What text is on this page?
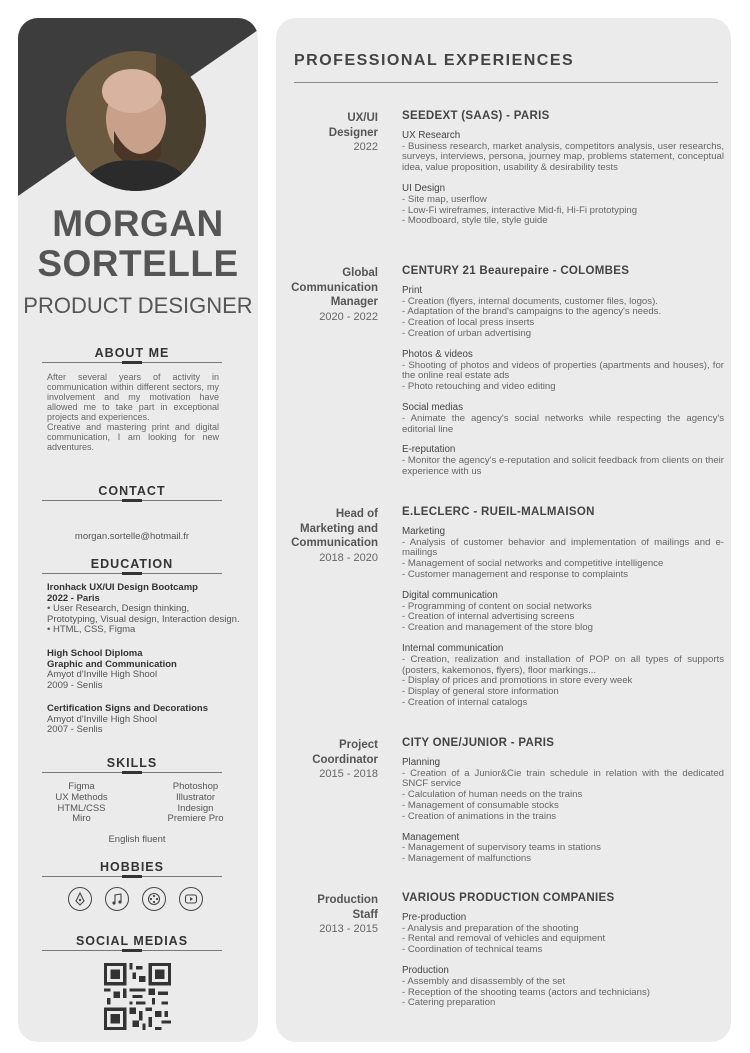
MORGAN
SORTELLE
PRODUCT DESIGNER
ABOUT ME
After several years of activity in communication within different sectors, my involvement and my motivation have allowed me to take part in exceptional projects and experiences.
Creative and mastering print and digital communication, I am looking for new adventures.
CONTACT
morgan.sortelle@hotmail.fr
EDUCATION
Ironhack UX/UI Design Bootcamp
2022 - Paris
• User Research, Design thinking,
Prototyping, Visual design, Interaction design.
• HTML, CSS, Figma
High School Diploma
Graphic and Communication
Amyot d'Inville High Shool
2009 - Senlis
Certification Signs and Decorations
Amyot d'Inville High Shool
2007 - Senlis
SKILLS
Figma
UX Methods
HTML/CSS
Miro
Photoshop
Illustrator
Indesign
Premiere Pro
English fluent
HOBBIES
SOCIAL MEDIAS
PROFESSIONAL EXPERIENCES
UX/UI
Designer
2022
SEEDEXT (SAAS) - PARIS
UX Research
- Business research, market analysis, competitors analysis, user researchs, surveys, interviews, persona, journey map, problems statement, conceptual idea, value proposition, usability & desirability tests
UI Design
- Site map, userflow
- Low-Fi wireframes, interactive Mid-fi, Hi-Fi prototyping
- Moodboard, style tile, style guide
Global
Communication
Manager
2020 - 2022
CENTURY 21 Beaurepaire - COLOMBES
Print
- Creation (flyers, internal documents, customer files, logos).
- Adaptation of the brand's campaigns to the agency's needs.
- Creation of local press inserts
- Creation of urban advertising
Photos & videos
- Shooting of photos and videos of properties (apartments and houses), for the online real estate ads
- Photo retouching and video editing
Social medias
- Animate the agency's social networks while respecting the agency's editorial line
E-reputation
- Monitor the agency's e-reputation and solicit feedback from clients on their experience with us
Head of
Marketing and
Communication
2018 - 2020
E.LECLERC - RUEIL-MALMAISON
Marketing
- Analysis of customer behavior and implementation of mailings and e-mailings
- Management of social networks and competitive intelligence
- Customer management and response to complaints
Digital communication
- Programming of content on social networks
- Creation of internal advertising screens
- Creation and management of the store blog
Internal communication
- Creation, realization and installation of POP on all types of supports (posters, kakemonos, flyers), floor markings...
- Display of prices and promotions in store every week
- Display of general store information
- Creation of internal catalogs
Project
Coordinator
2015 - 2018
CITY ONE/JUNIOR - PARIS
Planning
- Creation of a Junior&Cie train schedule in relation with the dedicated SNCF service
- Calculation of human needs on the trains
- Management of consumable stocks
- Creation of animations in the trains
Management
- Management of supervisory teams in stations
- Management of malfunctions
Production
Staff
2013 - 2015
VARIOUS PRODUCTION COMPANIES
Pre-production
- Analysis and preparation of the shooting
- Rental and removal of vehicles and equipment
- Coordination of technical teams
Production
- Assembly and disassembly of the set
- Reception of the shooting teams (actors and technicians)
- Catering preparation
